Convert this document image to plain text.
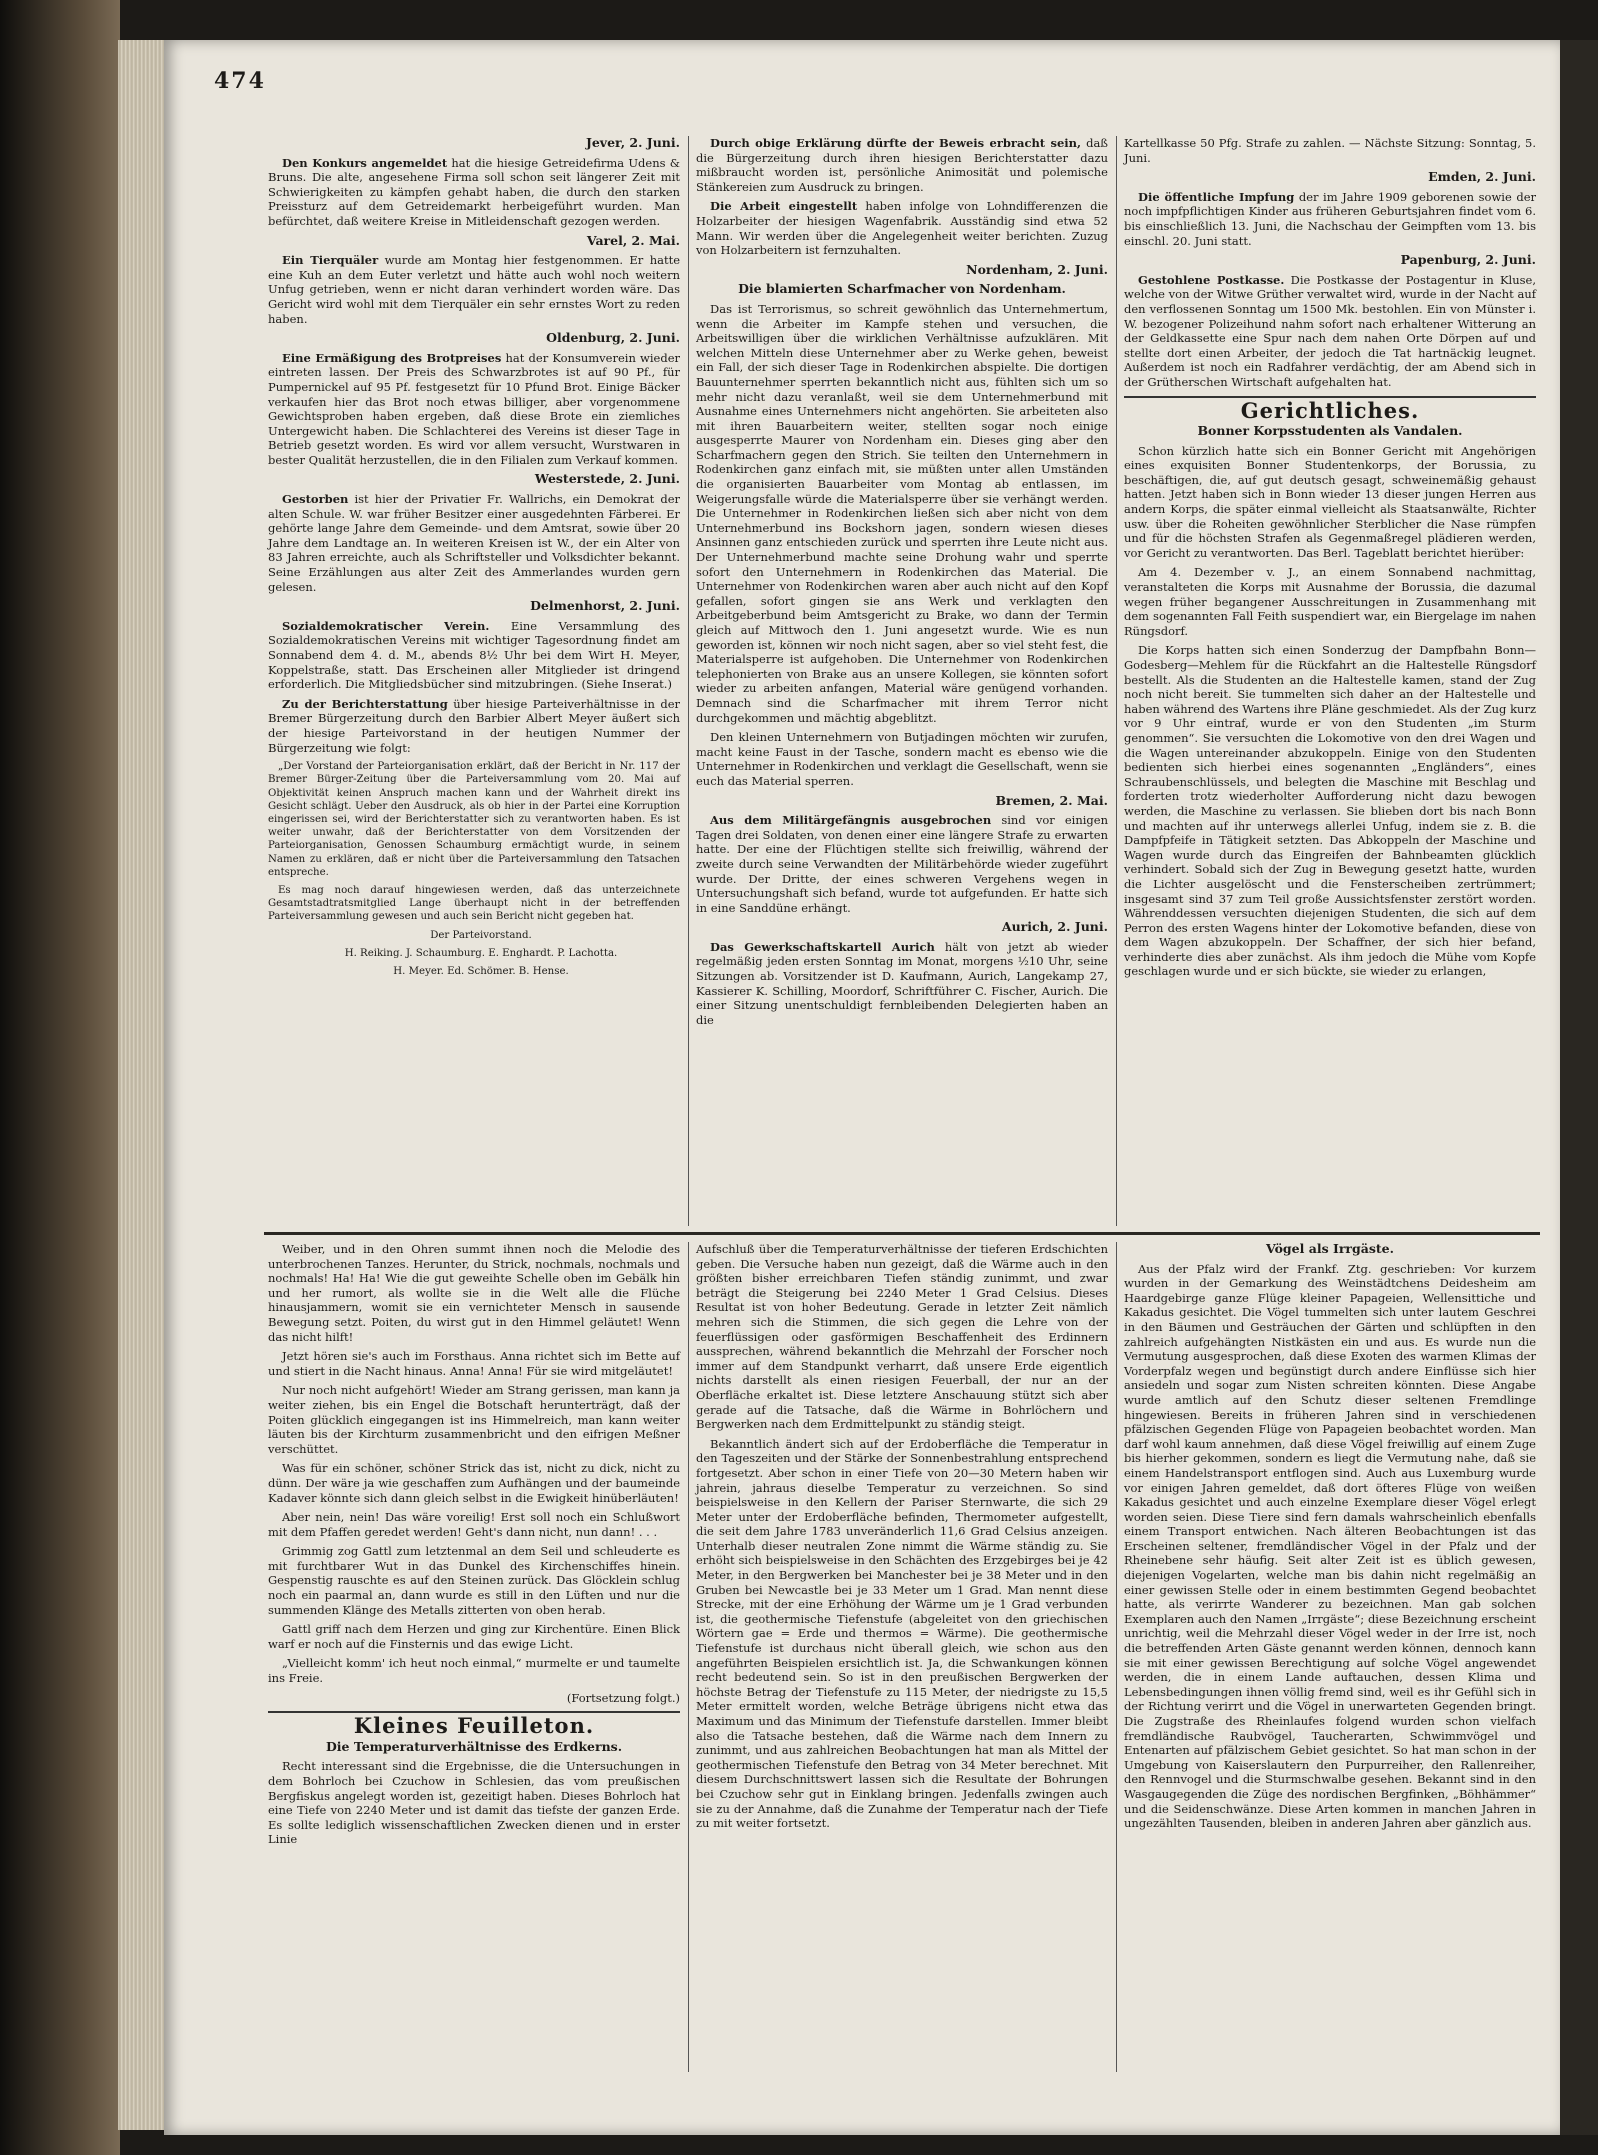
474

Jever, 2. Juni.

Den Konkurs angemeldet hat die hiesige Getreidefirma Udens & Bruns. Die alte, angesehene Firma soll schon seit längerer Zeit mit Schwierigkeiten zu kämpfen gehabt haben, die durch den starken Preissturz auf dem Getreidemarkt herbeigeführt wurden. Man befürchtet, daß weitere Kreise in Mitleidenschaft gezogen werden.

Varel, 2. Mai.

Ein Tierquäler wurde am Montag hier festgenommen. Er hatte eine Kuh an dem Euter verletzt und hätte auch wohl noch weitern Unfug getrieben, wenn er nicht daran verhindert worden wäre. Das Gericht wird wohl mit dem Tierquäler ein sehr ernstes Wort zu reden haben.

Oldenburg, 2. Juni.

Eine Ermäßigung des Brotpreises hat der Konsumverein wieder eintreten lassen. Der Preis des Schwarzbrotes ist auf 90 Pf., für Pumpernickel auf 95 Pf. festgesetzt für 10 Pfund Brot. Einige Bäcker verkaufen hier das Brot noch etwas billiger, aber vorgenommene Gewichtsproben haben ergeben, daß diese Brote ein ziemliches Untergewicht haben. Die Schlachterei des Vereins ist dieser Tage in Betrieb gesetzt worden. Es wird vor allem versucht, Wurstwaren in bester Qualität herzustellen, die in den Filialen zum Verkauf kommen.

Westerstede, 2. Juni.

Gestorben ist hier der Privatier Fr. Wallrichs, ein Demokrat der alten Schule. W. war früher Besitzer einer ausgedehnten Färberei. Er gehörte lange Jahre dem Gemeinde- und dem Amtsrat, sowie über 20 Jahre dem Landtage an. In weiteren Kreisen ist W., der ein Alter von 83 Jahren erreichte, auch als Schriftsteller und Volksdichter bekannt. Seine Erzählungen aus alter Zeit des Ammerlandes wurden gern gelesen.

Delmenhorst, 2. Juni.

Sozialdemokratischer Verein. Eine Versammlung des Sozialdemokratischen Vereins mit wichtiger Tagesordnung findet am Sonnabend dem 4. d. M., abends 8½ Uhr bei dem Wirt H. Meyer, Koppelstraße, statt. Das Erscheinen aller Mitglieder ist dringend erforderlich. Die Mitgliedsbücher sind mitzubringen. (Siehe Inserat.)

Zu der Berichterstattung über hiesige Parteiverhältnisse in der Bremer Bürgerzeitung durch den Barbier Albert Meyer äußert sich der hiesige Parteivorstand in der heutigen Nummer der Bürgerzeitung wie folgt:

„Der Vorstand der Parteiorganisation erklärt, daß der Bericht in Nr. 117 der Bremer Bürger-Zeitung über die Parteiversammlung vom 20. Mai auf Objektivität keinen Anspruch machen kann und der Wahrheit direkt ins Gesicht schlägt. Ueber den Ausdruck, als ob hier in der Partei eine Korruption eingerissen sei, wird der Berichterstatter sich zu verantworten haben. Es ist weiter unwahr, daß der Berichterstatter von dem Vorsitzenden der Parteiorganisation, Genossen Schaumburg ermächtigt wurde, in seinem Namen zu erklären, daß er nicht über die Parteiversammlung den Tatsachen entspreche.

Es mag noch darauf hingewiesen werden, daß das unterzeichnete Gesamtstadtratsmitglied Lange überhaupt nicht in der betreffenden Parteiversammlung gewesen und auch sein Bericht nicht gegeben hat.

Der Parteivorstand.

H. Reiking. J. Schaumburg. E. Enghardt. P. Lachotta.

H. Meyer. Ed. Schömer. B. Hense.

Durch obige Erklärung dürfte der Beweis erbracht sein, daß die Bürgerzeitung durch ihren hiesigen Berichterstatter dazu mißbraucht worden ist, persönliche Animosität und polemische Stänkereien zum Ausdruck zu bringen.

Die Arbeit eingestellt haben infolge von Lohndifferenzen die Holzarbeiter der hiesigen Wagenfabrik. Ausständig sind etwa 52 Mann. Wir werden über die Angelegenheit weiter berichten. Zuzug von Holzarbeitern ist fernzuhalten.

Nordenham, 2. Juni.

Die blamierten Scharfmacher von Nordenham.

Das ist Terrorismus, so schreit gewöhnlich das Unternehmertum, wenn die Arbeiter im Kampfe stehen und versuchen, die Arbeitswilligen über die wirklichen Verhältnisse aufzuklären. Mit welchen Mitteln diese Unternehmer aber zu Werke gehen, beweist ein Fall, der sich dieser Tage in Rodenkirchen abspielte. Die dortigen Bauunternehmer sperrten bekanntlich nicht aus, fühlten sich um so mehr nicht dazu veranlaßt, weil sie dem Unternehmerbund mit Ausnahme eines Unternehmers nicht angehörten. Sie arbeiteten also mit ihren Bauarbeitern weiter, stellten sogar noch einige ausgesperrte Maurer von Nordenham ein. Dieses ging aber den Scharfmachern gegen den Strich. Sie teilten den Unternehmern in Rodenkirchen ganz einfach mit, sie müßten unter allen Umständen die organisierten Bauarbeiter vom Montag ab entlassen, im Weigerungsfalle würde die Materialsperre über sie verhängt werden. Die Unternehmer in Rodenkirchen ließen sich aber nicht von dem Unternehmerbund ins Bockshorn jagen, sondern wiesen dieses Ansinnen ganz entschieden zurück und sperrten ihre Leute nicht aus. Der Unternehmerbund machte seine Drohung wahr und sperrte sofort den Unternehmern in Rodenkirchen das Material. Die Unternehmer von Rodenkirchen waren aber auch nicht auf den Kopf gefallen, sofort gingen sie ans Werk und verklagten den Arbeitgeberbund beim Amtsgericht zu Brake, wo dann der Termin gleich auf Mittwoch den 1. Juni angesetzt wurde. Wie es nun geworden ist, können wir noch nicht sagen, aber so viel steht fest, die Materialsperre ist aufgehoben. Die Unternehmer von Rodenkirchen telephonierten von Brake aus an unsere Kollegen, sie könnten sofort wieder zu arbeiten anfangen, Material wäre genügend vorhanden. Demnach sind die Scharfmacher mit ihrem Terror nicht durchgekommen und mächtig abgeblitzt.

Den kleinen Unternehmern von Butjadingen möchten wir zurufen, macht keine Faust in der Tasche, sondern macht es ebenso wie die Unternehmer in Rodenkirchen und verklagt die Gesellschaft, wenn sie euch das Material sperren.

Bremen, 2. Mai.

Aus dem Militärgefängnis ausgebrochen sind vor einigen Tagen drei Soldaten, von denen einer eine längere Strafe zu erwarten hatte. Der eine der Flüchtigen stellte sich freiwillig, während der zweite durch seine Verwandten der Militärbehörde wieder zugeführt wurde. Der Dritte, der eines schweren Vergehens wegen in Untersuchungshaft sich befand, wurde tot aufgefunden. Er hatte sich in eine Sanddüne erhängt.

Aurich, 2. Juni.

Das Gewerkschaftskartell Aurich hält von jetzt ab wieder regelmäßig jeden ersten Sonntag im Monat, morgens ½10 Uhr, seine Sitzungen ab. Vorsitzender ist D. Kaufmann, Aurich, Langekamp 27, Kassierer K. Schilling, Moordorf, Schriftführer C. Fischer, Aurich. Die einer Sitzung unentschuldigt fernbleibenden Delegierten haben an die

Kartellkasse 50 Pfg. Strafe zu zahlen. — Nächste Sitzung: Sonntag, 5. Juni.

Emden, 2. Juni.

Die öffentliche Impfung der im Jahre 1909 geborenen sowie der noch impfpflichtigen Kinder aus früheren Geburtsjahren findet vom 6. bis einschließlich 13. Juni, die Nachschau der Geimpften vom 13. bis einschl. 20. Juni statt.

Papenburg, 2. Juni.

Gestohlene Postkasse. Die Postkasse der Postagentur in Kluse, welche von der Witwe Grüther verwaltet wird, wurde in der Nacht auf den verflossenen Sonntag um 1500 Mk. bestohlen. Ein von Münster i. W. bezogener Polizeihund nahm sofort nach erhaltener Witterung an der Geldkassette eine Spur nach dem nahen Orte Dörpen auf und stellte dort einen Arbeiter, der jedoch die Tat hartnäckig leugnet. Außerdem ist noch ein Radfahrer verdächtig, der am Abend sich in der Grütherschen Wirtschaft aufgehalten hat.

Gerichtliches.

Bonner Korpsstudenten als Vandalen.

Schon kürzlich hatte sich ein Bonner Gericht mit Angehörigen eines exquisiten Bonner Studentenkorps, der Borussia, zu beschäftigen, die, auf gut deutsch gesagt, schweinemäßig gehaust hatten. Jetzt haben sich in Bonn wieder 13 dieser jungen Herren aus andern Korps, die später einmal vielleicht als Staatsanwälte, Richter usw. über die Roheiten gewöhnlicher Sterblicher die Nase rümpfen und für die höchsten Strafen als Gegenmaßregel plädieren werden, vor Gericht zu verantworten. Das Berl. Tageblatt berichtet hierüber:

Am 4. Dezember v. J., an einem Sonnabend nachmittag, veranstalteten die Korps mit Ausnahme der Borussia, die dazumal wegen früher begangener Ausschreitungen in Zusammenhang mit dem sogenannten Fall Feith suspendiert war, ein Biergelage im nahen Rüngsdorf.

Die Korps hatten sich einen Sonderzug der Dampfbahn Bonn—Godesberg—Mehlem für die Rückfahrt an die Haltestelle Rüngsdorf bestellt. Als die Studenten an die Haltestelle kamen, stand der Zug noch nicht bereit. Sie tummelten sich daher an der Haltestelle und haben während des Wartens ihre Pläne geschmiedet. Als der Zug kurz vor 9 Uhr eintraf, wurde er von den Studenten „im Sturm genommen“. Sie versuchten die Lokomotive von den drei Wagen und die Wagen untereinander abzukoppeln. Einige von den Studenten bedienten sich hierbei eines sogenannten „Engländers“, eines Schraubenschlüssels, und belegten die Maschine mit Beschlag und forderten trotz wiederholter Aufforderung nicht dazu bewogen werden, die Maschine zu verlassen. Sie blieben dort bis nach Bonn und machten auf ihr unterwegs allerlei Unfug, indem sie z. B. die Dampfpfeife in Tätigkeit setzten. Das Abkoppeln der Maschine und Wagen wurde durch das Eingreifen der Bahnbeamten glücklich verhindert. Sobald sich der Zug in Bewegung gesetzt hatte, wurden die Lichter ausgelöscht und die Fensterscheiben zertrümmert; insgesamt sind 37 zum Teil große Aussichtsfenster zerstört worden. Währenddessen versuchten diejenigen Studenten, die sich auf dem Perron des ersten Wagens hinter der Lokomotive befanden, diese von dem Wagen abzukoppeln. Der Schaffner, der sich hier befand, verhinderte dies aber zunächst. Als ihm jedoch die Mühe vom Kopfe geschlagen wurde und er sich bückte, sie wieder zu erlangen,

Weiber, und in den Ohren summt ihnen noch die Melodie des unterbrochenen Tanzes. Herunter, du Strick, nochmals, nochmals und nochmals! Ha! Ha! Wie die gut geweihte Schelle oben im Gebälk hin und her rumort, als wollte sie in die Welt alle die Flüche hinausjammern, womit sie ein vernichteter Mensch in sausende Bewegung setzt. Poiten, du wirst gut in den Himmel geläutet! Wenn das nicht hilft!

Jetzt hören sie's auch im Forsthaus. Anna richtet sich im Bette auf und stiert in die Nacht hinaus. Anna! Anna! Für sie wird mitgeläutet!

Nur noch nicht aufgehört! Wieder am Strang gerissen, man kann ja weiter ziehen, bis ein Engel die Botschaft herunterträgt, daß der Poiten glücklich eingegangen ist ins Himmelreich, man kann weiter läuten bis der Kirchturm zusammenbricht und den eifrigen Meßner verschüttet.

Was für ein schöner, schöner Strick das ist, nicht zu dick, nicht zu dünn. Der wäre ja wie geschaffen zum Aufhängen und der baumeinde Kadaver könnte sich dann gleich selbst in die Ewigkeit hinüberläuten!

Aber nein, nein! Das wäre voreilig! Erst soll noch ein Schlußwort mit dem Pfaffen geredet werden! Geht's dann nicht, nun dann! . . .

Grimmig zog Gattl zum letztenmal an dem Seil und schleuderte es mit furchtbarer Wut in das Dunkel des Kirchenschiffes hinein. Gespenstig rauschte es auf den Steinen zurück. Das Glöcklein schlug noch ein paarmal an, dann wurde es still in den Lüften und nur die summenden Klänge des Metalls zitterten von oben herab.

Gattl griff nach dem Herzen und ging zur Kirchentüre. Einen Blick warf er noch auf die Finsternis und das ewige Licht.

„Vielleicht komm' ich heut noch einmal,“ murmelte er und taumelte ins Freie.

(Fortsetzung folgt.)

Kleines Feuilleton.

Die Temperaturverhältnisse des Erdkerns.

Recht interessant sind die Ergebnisse, die die Untersuchungen in dem Bohrloch bei Czuchow in Schlesien, das vom preußischen Bergfiskus angelegt worden ist, gezeitigt haben. Dieses Bohrloch hat eine Tiefe von 2240 Meter und ist damit das tiefste der ganzen Erde. Es sollte lediglich wissenschaftlichen Zwecken dienen und in erster Linie

Aufschluß über die Temperaturverhältnisse der tieferen Erdschichten geben. Die Versuche haben nun gezeigt, daß die Wärme auch in den größten bisher erreichbaren Tiefen ständig zunimmt, und zwar beträgt die Steigerung bei 2240 Meter 1 Grad Celsius. Dieses Resultat ist von hoher Bedeutung. Gerade in letzter Zeit nämlich mehren sich die Stimmen, die sich gegen die Lehre von der feuerflüssigen oder gasförmigen Beschaffenheit des Erdinnern aussprechen, während bekanntlich die Mehrzahl der Forscher noch immer auf dem Standpunkt verharrt, daß unsere Erde eigentlich nichts darstellt als einen riesigen Feuerball, der nur an der Oberfläche erkaltet ist. Diese letztere Anschauung stützt sich aber gerade auf die Tatsache, daß die Wärme in Bohrlöchern und Bergwerken nach dem Erdmittelpunkt zu ständig steigt.

Bekanntlich ändert sich auf der Erdoberfläche die Temperatur in den Tageszeiten und der Stärke der Sonnenbestrahlung entsprechend fortgesetzt. Aber schon in einer Tiefe von 20—30 Metern haben wir jahrein, jahraus dieselbe Temperatur zu verzeichnen. So sind beispielsweise in den Kellern der Pariser Sternwarte, die sich 29 Meter unter der Erdoberfläche befinden, Thermometer aufgestellt, die seit dem Jahre 1783 unveränderlich 11,6 Grad Celsius anzeigen. Unterhalb dieser neutralen Zone nimmt die Wärme ständig zu. Sie erhöht sich beispielsweise in den Schächten des Erzgebirges bei je 42 Meter, in den Bergwerken bei Manchester bei je 38 Meter und in den Gruben bei Newcastle bei je 33 Meter um 1 Grad. Man nennt diese Strecke, mit der eine Erhöhung der Wärme um je 1 Grad verbunden ist, die geothermische Tiefenstufe (abgeleitet von den griechischen Wörtern gae = Erde und thermos = Wärme). Die geothermische Tiefenstufe ist durchaus nicht überall gleich, wie schon aus den angeführten Beispielen ersichtlich ist. Ja, die Schwankungen können recht bedeutend sein. So ist in den preußischen Bergwerken der höchste Betrag der Tiefenstufe zu 115 Meter, der niedrigste zu 15,5 Meter ermittelt worden, welche Beträge übrigens nicht etwa das Maximum und das Minimum der Tiefenstufe darstellen. Immer bleibt also die Tatsache bestehen, daß die Wärme nach dem Innern zu zunimmt, und aus zahlreichen Beobachtungen hat man als Mittel der geothermischen Tiefenstufe den Betrag von 34 Meter berechnet. Mit diesem Durchschnittswert lassen sich die Resultate der Bohrungen bei Czuchow sehr gut in Einklang bringen. Jedenfalls zwingen auch sie zu der Annahme, daß die Zunahme der Temperatur nach der Tiefe zu mit weiter fortsetzt.

Vögel als Irrgäste.

Aus der Pfalz wird der Frankf. Ztg. geschrieben: Vor kurzem wurden in der Gemarkung des Weinstädtchens Deidesheim am Haardgebirge ganze Flüge kleiner Papageien, Wellensittiche und Kakadus gesichtet. Die Vögel tummelten sich unter lautem Geschrei in den Bäumen und Gesträuchen der Gärten und schlüpften in den zahlreich aufgehängten Nistkästen ein und aus. Es wurde nun die Vermutung ausgesprochen, daß diese Exoten des warmen Klimas der Vorderpfalz wegen und begünstigt durch andere Einflüsse sich hier ansiedeln und sogar zum Nisten schreiten könnten. Diese Angabe wurde amtlich auf den Schutz dieser seltenen Fremdlinge hingewiesen. Bereits in früheren Jahren sind in verschiedenen pfälzischen Gegenden Flüge von Papageien beobachtet worden. Man darf wohl kaum annehmen, daß diese Vögel freiwillig auf einem Zuge bis hierher gekommen, sondern es liegt die Vermutung nahe, daß sie einem Handelstransport entflogen sind. Auch aus Luxemburg wurde vor einigen Jahren gemeldet, daß dort öfteres Flüge von weißen Kakadus gesichtet und auch einzelne Exemplare dieser Vögel erlegt worden seien. Diese Tiere sind fern damals wahrscheinlich ebenfalls einem Transport entwichen. Nach älteren Beobachtungen ist das Erscheinen seltener, fremdländischer Vögel in der Pfalz und der Rheinebene sehr häufig. Seit alter Zeit ist es üblich gewesen, diejenigen Vogelarten, welche man bis dahin nicht regelmäßig an einer gewissen Stelle oder in einem bestimmten Gegend beobachtet hatte, als verirrte Wanderer zu bezeichnen. Man gab solchen Exemplaren auch den Namen „Irrgäste“; diese Bezeichnung erscheint unrichtig, weil die Mehrzahl dieser Vögel weder in der Irre ist, noch die betreffenden Arten Gäste genannt werden können, dennoch kann sie mit einer gewissen Berechtigung auf solche Vögel angewendet werden, die in einem Lande auftauchen, dessen Klima und Lebensbedingungen ihnen völlig fremd sind, weil es ihr Gefühl sich in der Richtung verirrt und die Vögel in unerwarteten Gegenden bringt. Die Zugstraße des Rheinlaufes folgend wurden schon vielfach fremdländische Raubvögel, Taucherarten, Schwimmvögel und Entenarten auf pfälzischem Gebiet gesichtet. So hat man schon in der Umgebung von Kaiserslautern den Purpurreiher, den Rallenreiher, den Rennvogel und die Sturmschwalbe gesehen. Bekannt sind in den Wasgaugegenden die Züge des nordischen Bergfinken, „Böhhämmer“ und die Seidenschwänze. Diese Arten kommen in manchen Jahren in ungezählten Tausenden, bleiben in anderen Jahren aber gänzlich aus.
